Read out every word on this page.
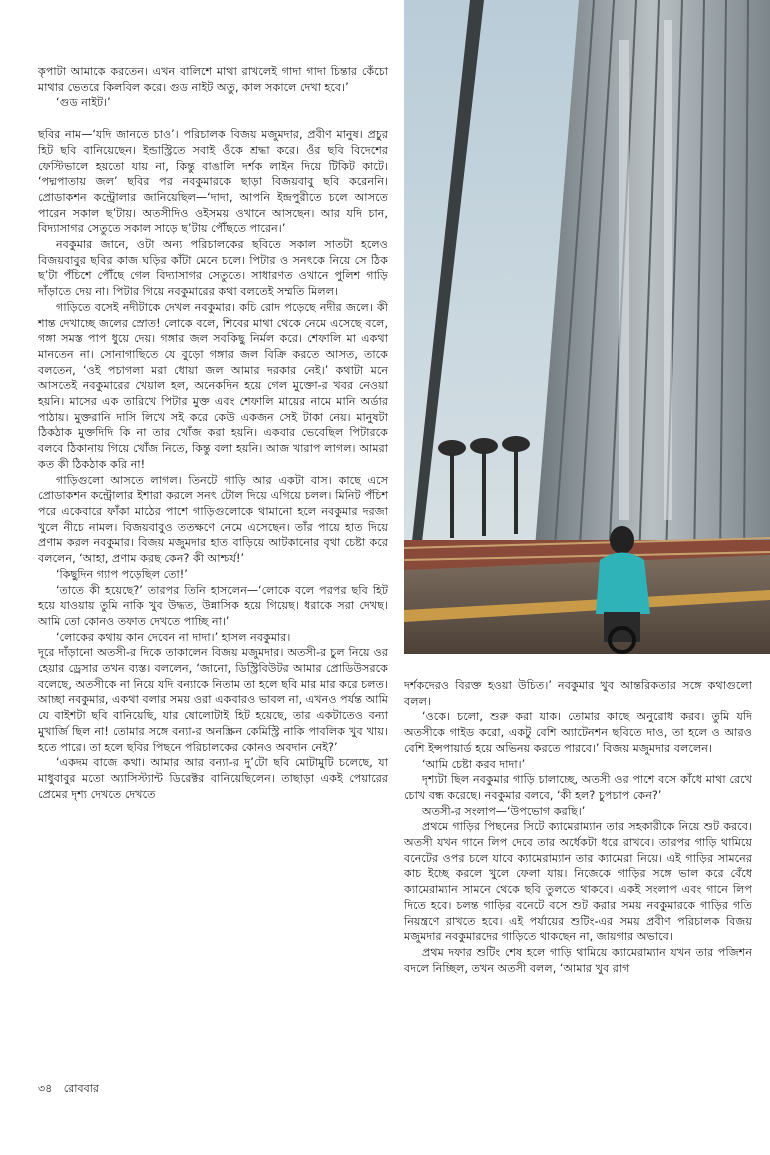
কৃপাটা আমাকে করতেন। এখন বালিশে মাথা রাখলেই গাদা গাদা চিন্তার কেঁচো মাথার ভেতরে কিলবিল করে। গুড নাইট অতু, কাল সকালে দেখা হবে।’

‘গুড নাইট।’

ছবির নাম—‘যদি জানতে চাও’। পরিচালক বিজয় মজুমদার, প্রবীণ মানুষ। প্রচুর হিট ছবি বানিয়েছেন। ইন্ডাস্ট্রিতে সবাই ওঁকে শ্রদ্ধা করে। ওঁর ছবি বিদেশের ফেস্টিভালে হয়তো যায় না, কিন্তু বাঙালি দর্শক লাইন দিয়ে টিকিট কাটে। ‘পদ্মপাতায় জল’ ছবির পর নবকুমারকে ছাড়া বিজয়বাবু ছবি করেননি। প্রোডাকশন কন্ট্রোলার জানিয়েছিল—‘দাদা, আপনি ইন্দ্রপুরীতে চলে আসতে পারেন সকাল ছ’টায়। অতসীদিও ওইসময় ওখানে আসছেন। আর যদি চান, বিদ্যাসাগর সেতুতে সকাল সাড়ে ছ’টায় পৌঁছতে পারেন।’

নবকুমার জানে, ওটা অন্য পরিচালকের ছবিতে সকাল সাতটা হলেও বিজয়বাবুর ছবির কাজ ঘড়ির কাঁটা মেনে চলে। পিটার ও সনৎকে নিয়ে সে ঠিক ছ’টা পঁচিশে পৌঁছে গেল বিদ্যাসাগর সেতুতে। সাধারণত ওখানে পুলিশ গাড়ি দাঁড়াতে দেয় না। পিটার গিয়ে নবকুমারের কথা বলতেই সম্মতি মিলল।

গাড়িতে বসেই নদীটাকে দেখল নবকুমার। কচি রোদ পড়েছে নদীর জলে। কী শান্ত দেখাচ্ছে জলের স্রোত! লোকে বলে, শিবের মাথা থেকে নেমে এসেছে বলে, গঙ্গা সমস্ত পাপ ধুয়ে দেয়। গঙ্গার জল সবকিছু নির্মল করে। শেফালি মা একথা মানতেন না। সোনাগাছিতে যে বুড়ো গঙ্গার জল বিক্রি করতে আসত, তাকে বলতেন, ‘ওই পচাগলা মরা ধোয়া জল আমার দরকার নেই।’ কথাটা মনে আসতেই নবকুমারের খেয়াল হল, অনেকদিন হয়ে গেল মুক্তো-র খবর নেওয়া হয়নি। মাসের এক তারিখে পিটার মুক্ত এবং শেফালি মায়ের নামে মানি অর্ডার পাঠায়। মুক্তরানি দাসি লিখে সই করে কেউ একজন সেই টাকা নেয়। মানুষটা ঠিকঠাক মুক্তদিদি কি না তার খোঁজ করা হয়নি। একবার ভেবেছিল পিটারকে বলবে ঠিকানায় গিয়ে খোঁজ নিতে, কিন্তু বলা হয়নি। আজ খারাপ লাগল। আমরা কত কী ঠিকঠাক করি না!

গাড়িগুলো আসতে লাগল। তিনটে গাড়ি আর একটা বাস। কাছে এসে প্রোডাকশন কন্ট্রোলার ইশারা করলে সনৎ টোল দিয়ে এগিয়ে চলল। মিনিট পঁচিশ পরে একেবারে ফাঁকা মাঠের পাশে গাড়িগুলোকে থামানো হলে নবকুমার দরজা খুলে নীচে নামল। বিজয়বাবুও ততক্ষণে নেমে এসেছেন। তাঁর পায়ে হাত দিয়ে প্রণাম করল নবকুমার। বিজয় মজুমদার হাত বাড়িয়ে আটকানোর বৃথা চেষ্টা করে বললেন, ‘আহা, প্রণাম করছ কেন? কী আশ্চর্য!’

‘কিছুদিন গ্যাপ পড়েছিল তো!’

‘তাতে কী হয়েছে?’ তারপর তিনি হাসলেন—‘লোকে বলে পরপর ছবি হিট হয়ে যাওয়ায় তুমি নাকি খুব উদ্ধত, উন্নাসিক হয়ে গিয়েছ। ধরাকে সরা দেখছ। আমি তো কোনও তফাত দেখতে পাচ্ছি না।’

‘লোকের কথায় কান দেবেন না দাদা।’ হাসল নবকুমার।

দূরে দাঁড়ানো অতসী-র দিকে তাকালেন বিজয় মজুমদার। অতসী-র চুল নিয়ে ওর হেয়ার ড্রেসার তখন ব্যস্ত। বললেন, ‘জানো, ডিস্ট্রিবিউটর আমার প্রোডিউসরকে বলেছে, অতসীকে না নিয়ে যদি বন্যাকে নিতাম তা হলে ছবি মার মার করে চলত। আচ্ছা নবকুমার, একথা বলার সময় ওরা একবারও ভাবল না, এখনও পর্যন্ত আমি যে বাইশটা ছবি বানিয়েছি, যার ষোলোটাই হিট হয়েছে, তার একটাতেও বন্যা মুখার্জি ছিল না! তোমার সঙ্গে বন্যা-র অনস্ক্রিন কেমিস্ট্রি নাকি পাবলিক খুব খায়। হতে পারে। তা হলে ছবির পিছনে পরিচালকের কোনও অবদান নেই?’

‘একদম বাজে কথা। আমার আর বন্যা-র দু’টো ছবি মোটামুটি চলেছে, যা মাধুবাবুর মতো অ্যাসিস্ট্যান্ট ডিরেক্টর বানিয়েছিলেন। তাছাড়া একই পেয়ারের প্রেমের দৃশ্য দেখতে দেখতে

দর্শকদেরও বিরক্ত হওয়া উচিত।’ নবকুমার খুব আন্তরিকতার সঙ্গে কথাগুলো বলল।

‘ওকে। চলো, শুরু করা যাক। তোমার কাছে অনুরোধ করব। তুমি যদি অতসীকে গাইড করো, একটু বেশি অ্যাটেনশন ছবিতে দাও, তা হলে ও আরও বেশি ইন্সপায়ার্ড হয়ে অভিনয় করতে পারবে।’ বিজয় মজুমদার বললেন।

‘আমি চেষ্টা করব দাদা।’

দৃশ্যটা ছিল নবকুমার গাড়ি চালাচ্ছে, অতসী ওর পাশে বসে কাঁধে মাথা রেখে চোখ বন্ধ করেছে। নবকুমার বলবে, ‘কী হল? চুপচাপ কেন?’

অতসী-র সংলাপ—‘উপভোগ করছি।’

প্রথমে গাড়ির পিছনের সিটে ক্যামেরাম্যান তার সহকারীকে নিয়ে শুট করবে। অতসী যখন গানে লিপ দেবে তার অর্ধেকটা ধরে রাখবে। তারপর গাড়ি থামিয়ে বনেটের ওপর চলে যাবে ক্যামেরাম্যান তার ক্যামেরা নিয়ে। এই গাড়ির সামনের কাচ ইচ্ছে করলে খুলে ফেলা যায়। নিজেকে গাড়ির সঙ্গে ভাল করে বেঁধে ক্যামেরাম্যান সামনে থেকে ছবি তুলতে থাকবে। একই সংলাপ এবং গানে লিপ দিতে হবে। চলন্ত গাড়ির বনেটে বসে শুট করার সময় নবকুমারকে গাড়ির গতি নিয়ন্ত্রণে রাখতে হবে। এই পর্যায়ের শুটিং-এর সময় প্রবীণ পরিচালক বিজয় মজুমদার নবকুমারদের গাড়িতে থাকছেন না, জায়গার অভাবে।

প্রথম দফার শুটিং শেষ হলে গাড়ি থামিয়ে ক্যামেরাম্যান যখন তার পজিশন বদলে নিচ্ছিল, তখন অতসী বলল, ‘আমার খুব রাগ

৩৪ রোববার
